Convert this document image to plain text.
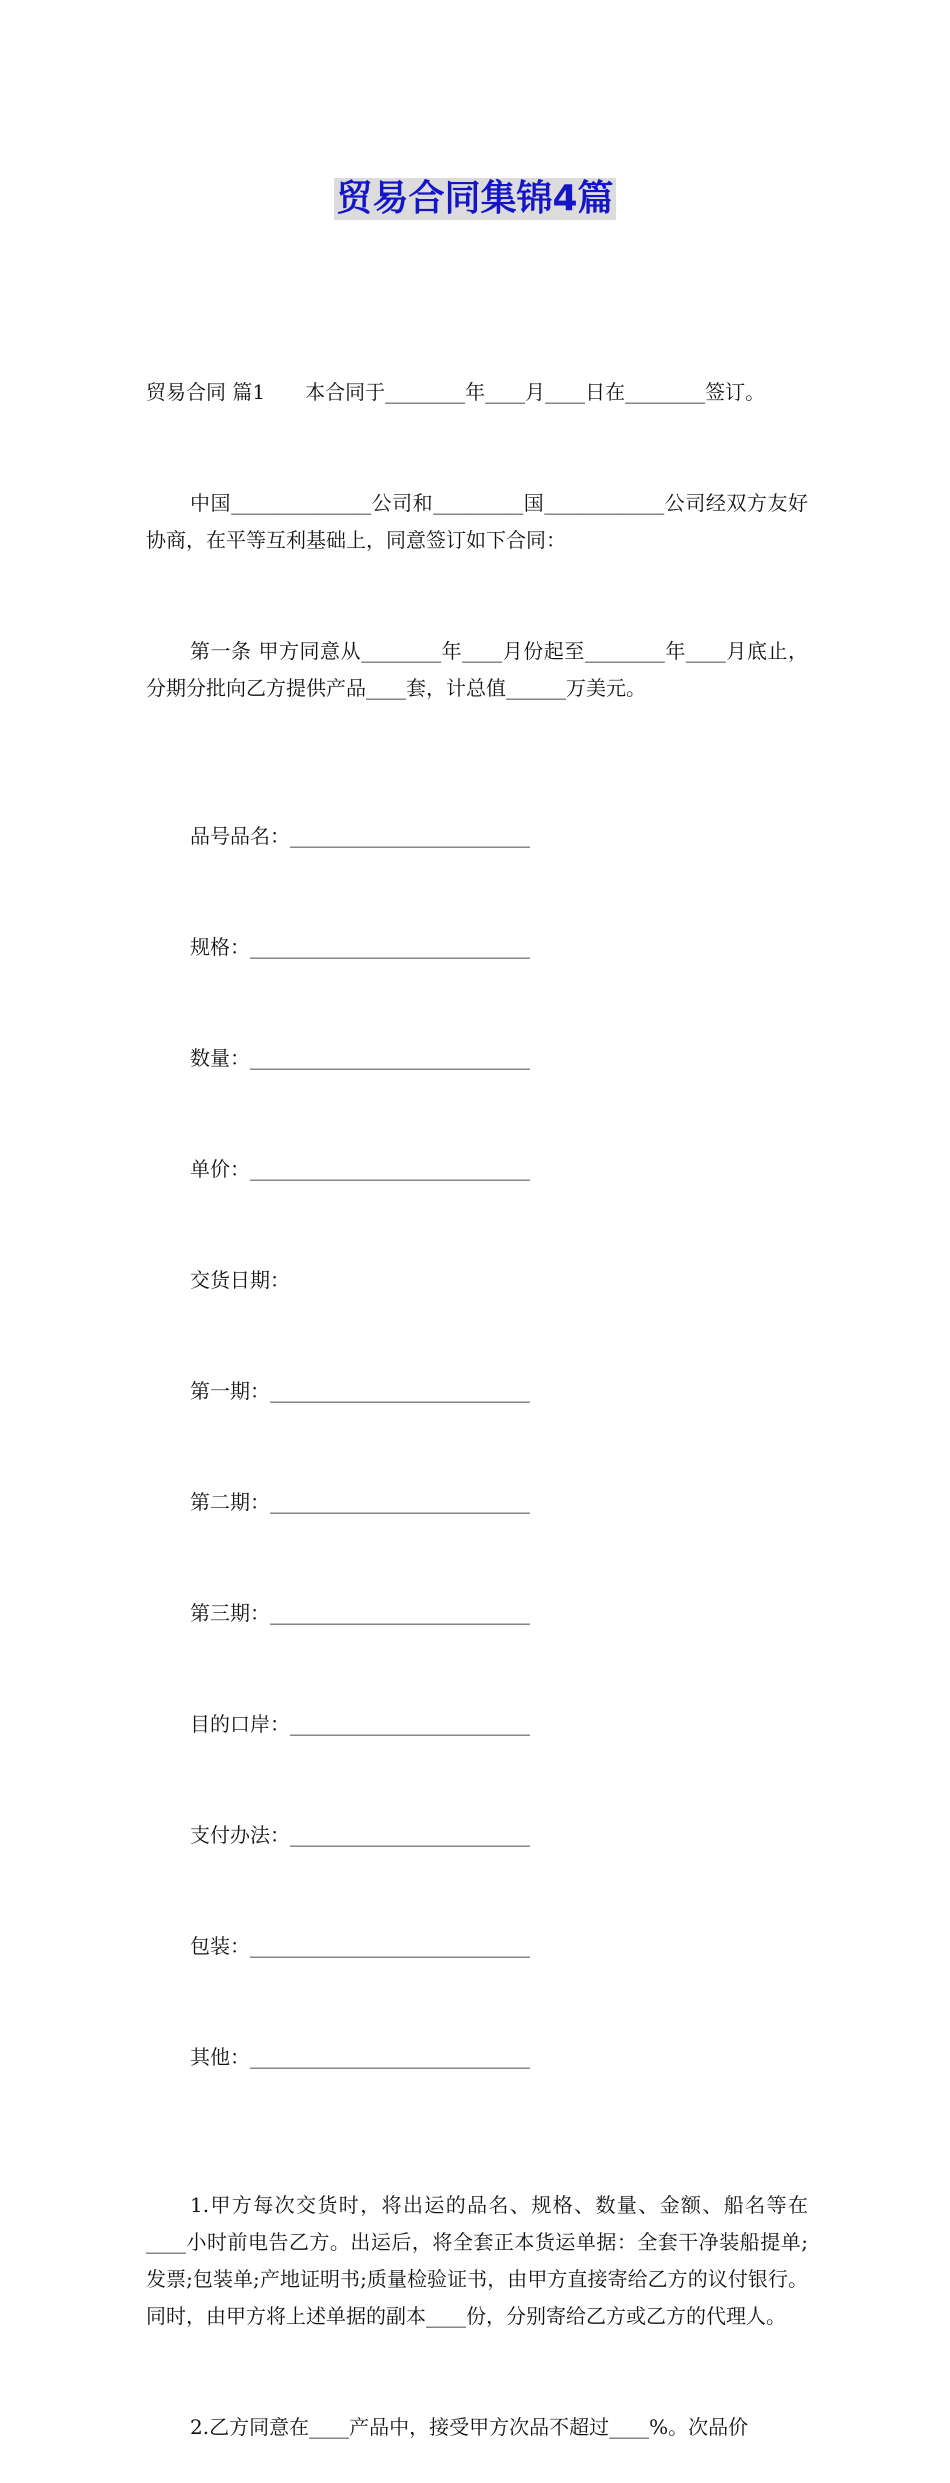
贸易合同集锦4篇

贸易合同 篇1　　本合同于________年____月____日在________签订。

中国______________公司和_________国____________公司经双方友好协商，在平等互利基础上，同意签订如下合同：

第一条 甲方同意从________年____月份起至________年____月底止，分期分批向乙方提供产品____套，计总值______万美元。

品号品名：________________________

规格：____________________________

数量：____________________________

单价：____________________________

交货日期：

第一期：__________________________

第二期：__________________________

第三期：__________________________

目的口岸：________________________

支付办法：________________________

包装：____________________________

其他：____________________________

1.甲方每次交货时，将出运的品名、规格、数量、金额、船名等在____小时前电告乙方。出运后，将全套正本货运单据：全套干净装船提单;发票;包装单;产地证明书;质量检验证书，由甲方直接寄给乙方的议付银行。同时，由甲方将上述单据的副本____份，分别寄给乙方或乙方的代理人。

2.乙方同意在____产品中，接受甲方次品不超过____%。次品价
